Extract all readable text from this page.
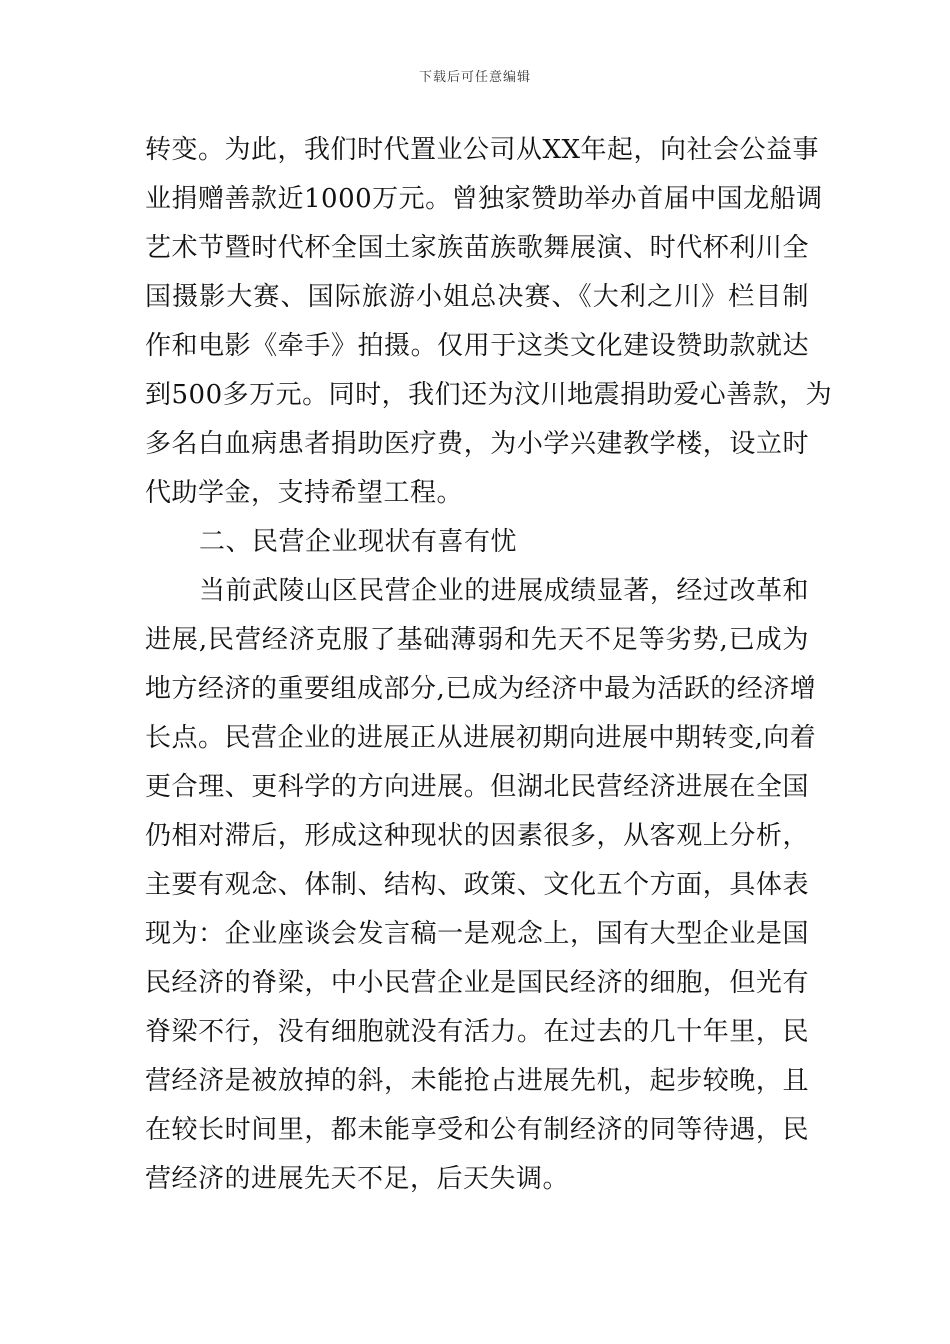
下载后可任意编辑
转变。为此，我们时代置业公司从XX年起，向社会公益事
业捐赠善款近1000万元。曾独家赞助举办首届中国龙船调
艺术节暨时代杯全国土家族苗族歌舞展演、时代杯利川全
国摄影大赛、国际旅游小姐总决赛、《大利之川》栏目制
作和电影《牵手》拍摄。仅用于这类文化建设赞助款就达
到500多万元。同时，我们还为汶川地震捐助爱心善款，为
多名白血病患者捐助医疗费，为小学兴建教学楼，设立时
代助学金，支持希望工程。
二、民营企业现状有喜有忧
当前武陵山区民营企业的进展成绩显著，经过改革和
进展,民营经济克服了基础薄弱和先天不足等劣势,已成为
地方经济的重要组成部分,已成为经济中最为活跃的经济增
长点。民营企业的进展正从进展初期向进展中期转变,向着
更合理、更科学的方向进展。但湖北民营经济进展在全国
仍相对滞后，形成这种现状的因素很多，从客观上分析，
主要有观念、体制、结构、政策、文化五个方面，具体表
现为：企业座谈会发言稿一是观念上，国有大型企业是国
民经济的脊梁，中小民营企业是国民经济的细胞，但光有
脊梁不行，没有细胞就没有活力。在过去的几十年里，民
营经济是被放掉的斜，未能抢占进展先机，起步较晚，且
在较长时间里，都未能享受和公有制经济的同等待遇，民
营经济的进展先天不足，后天失调。
